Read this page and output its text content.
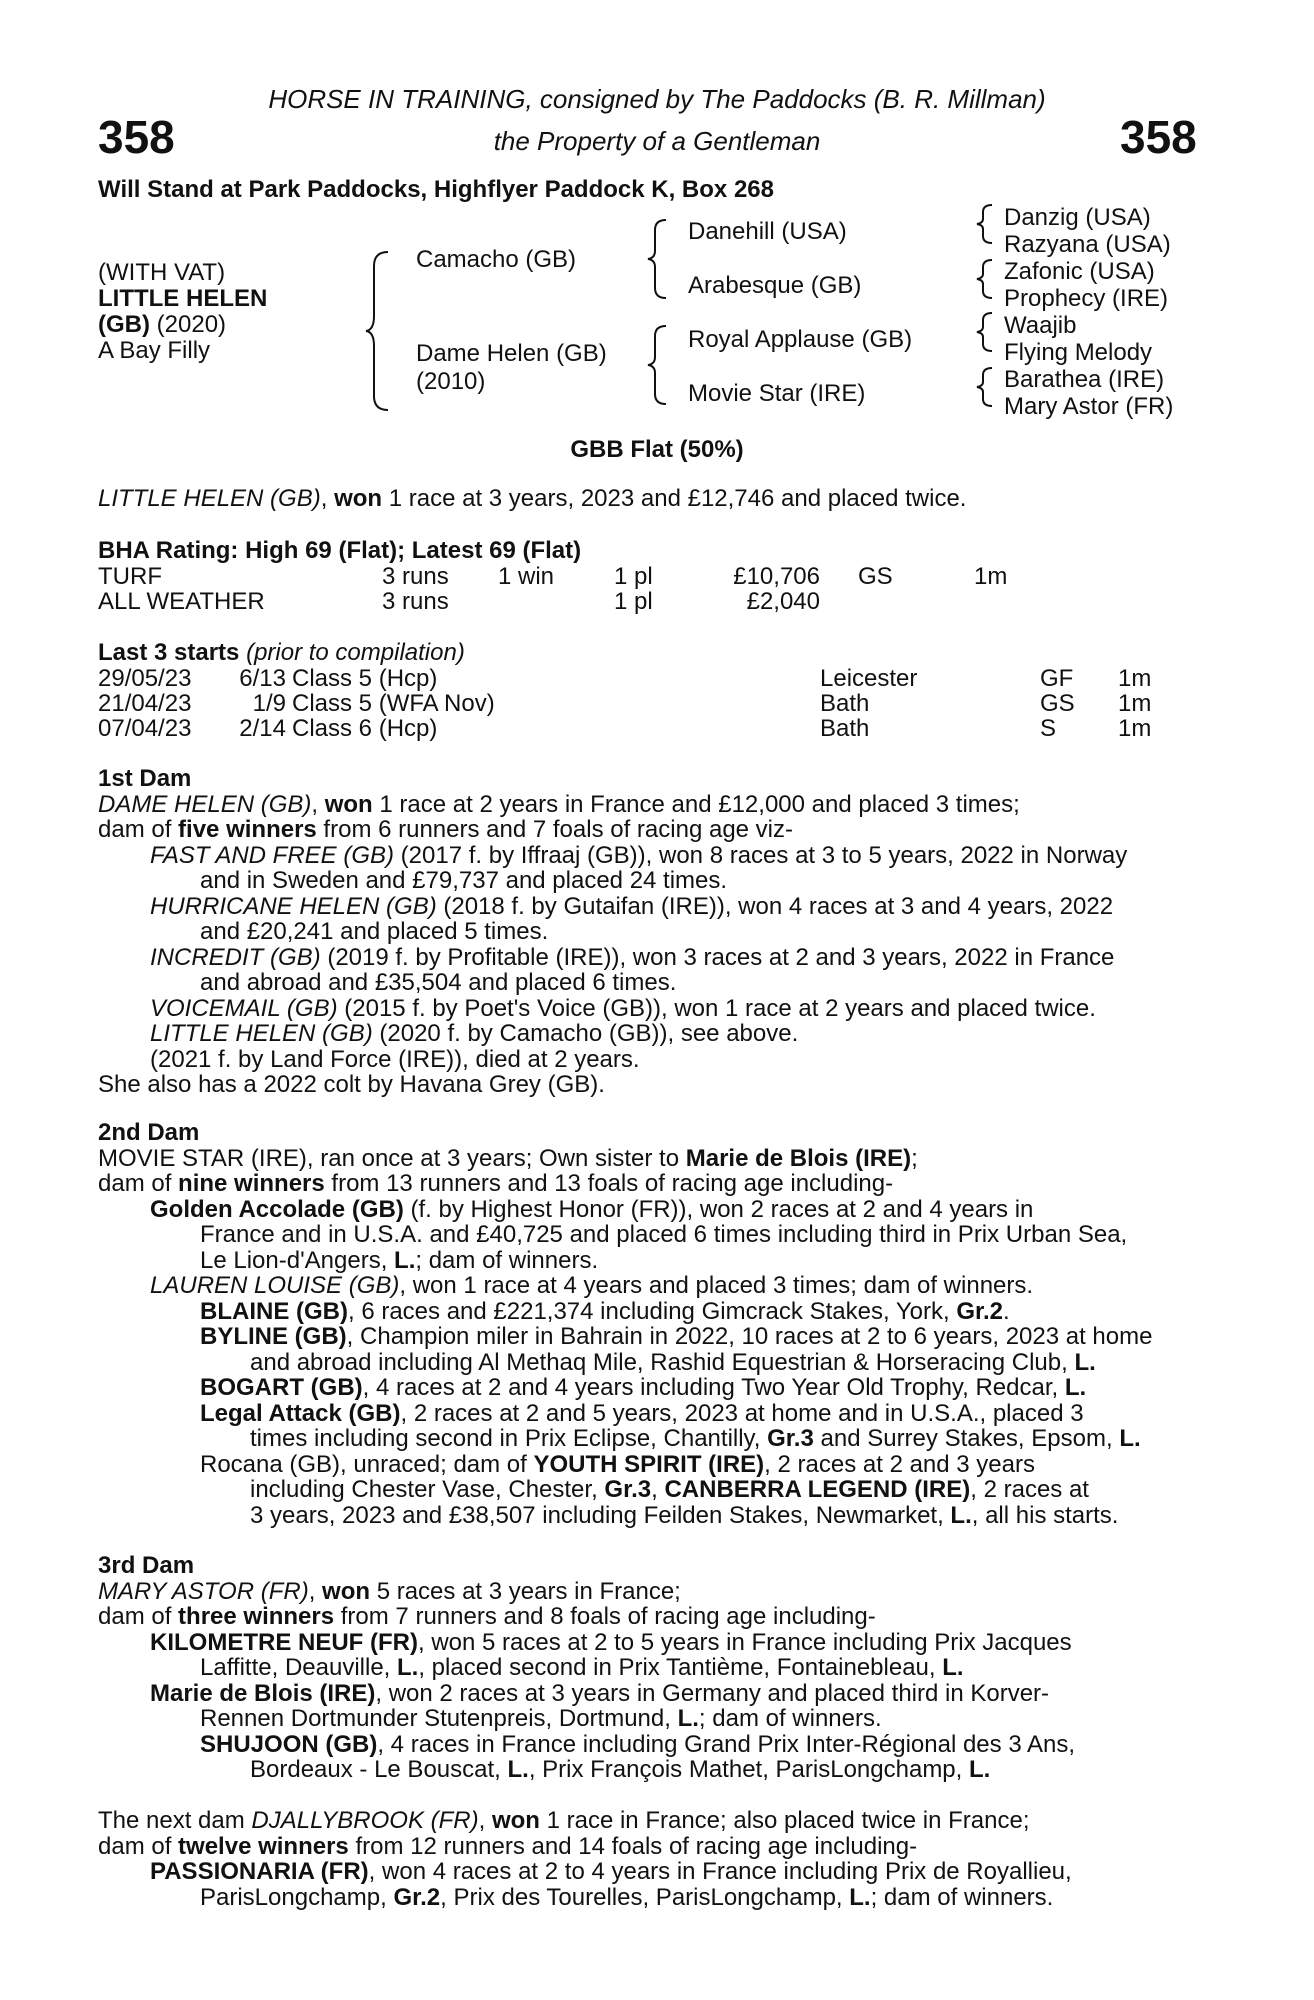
358	358
HORSE IN TRAINING, consigned by The Paddocks (B. R. Millman)
the Property of a Gentleman
Will Stand at Park Paddocks, Highflyer Paddock K, Box 268
(WITH VAT)
LITTLE HELEN
(GB) (2020)
A Bay Filly
Camacho (GB)
Dame Helen (GB)
(2010)
Danehill (USA)
Arabesque (GB)
Royal Applause (GB)
Movie Star (IRE)
Danzig (USA)
Razyana (USA)
Zafonic (USA)
Prophecy (IRE)
Waajib
Flying Melody
Barathea (IRE)
Mary Astor (FR)
GBB Flat (50%)
LITTLE HELEN (GB), won 1 race at 3 years, 2023 and £12,746 and placed twice.
BHA Rating: High 69 (Flat); Latest 69 (Flat)
TURF	3 runs 1 win 1 pl	£10,706 GS	1m
ALL WEATHER	3 runs	1 pl	£2,040
Last 3 starts (prior to compilation)
29/05/23	6/13 Class 5 (Hcp)	Leicester	GF 1m
21/04/23	1/9 Class 5 (WFA Nov)	Bath	GS 1m
07/04/23	2/14 Class 6 (Hcp)	Bath	S	1m
1st Dam
DAME HELEN (GB), won 1 race at 2 years in France and £12,000 and placed 3 times;
dam of five winners from 6 runners and 7 foals of racing age viz-
FAST AND FREE (GB) (2017 f. by Iffraaj (GB)), won 8 races at 3 to 5 years, 2022 in Norway
and in Sweden and £79,737 and placed 24 times.
HURRICANE HELEN (GB) (2018 f. by Gutaifan (IRE)), won 4 races at 3 and 4 years, 2022
and £20,241 and placed 5 times.
INCREDIT (GB) (2019 f. by Profitable (IRE)), won 3 races at 2 and 3 years, 2022 in France
and abroad and £35,504 and placed 6 times.
VOICEMAIL (GB) (2015 f. by Poet's Voice (GB)), won 1 race at 2 years and placed twice.
LITTLE HELEN (GB) (2020 f. by Camacho (GB)), see above.
(2021 f. by Land Force (IRE)), died at 2 years.
She also has a 2022 colt by Havana Grey (GB).
2nd Dam
MOVIE STAR (IRE), ran once at 3 years; Own sister to Marie de Blois (IRE);
dam of nine winners from 13 runners and 13 foals of racing age including-
Golden Accolade (GB) (f. by Highest Honor (FR)), won 2 races at 2 and 4 years in
France and in U.S.A. and £40,725 and placed 6 times including third in Prix Urban Sea,
Le Lion-d'Angers, L.; dam of winners.
LAUREN LOUISE (GB), won 1 race at 4 years and placed 3 times; dam of winners.
BLAINE (GB), 6 races and £221,374 including Gimcrack Stakes, York, Gr.2.
BYLINE (GB), Champion miler in Bahrain in 2022, 10 races at 2 to 6 years, 2023 at home
and abroad including Al Methaq Mile, Rashid Equestrian & Horseracing Club, L.
BOGART (GB), 4 races at 2 and 4 years including Two Year Old Trophy, Redcar, L.
Legal Attack (GB), 2 races at 2 and 5 years, 2023 at home and in U.S.A., placed 3
times including second in Prix Eclipse, Chantilly, Gr.3 and Surrey Stakes, Epsom, L.
Rocana (GB), unraced; dam of YOUTH SPIRIT (IRE), 2 races at 2 and 3 years
including Chester Vase, Chester, Gr.3, CANBERRA LEGEND (IRE), 2 races at
3 years, 2023 and £38,507 including Feilden Stakes, Newmarket, L., all his starts.
3rd Dam
MARY ASTOR (FR), won 5 races at 3 years in France;
dam of three winners from 7 runners and 8 foals of racing age including-
KILOMETRE NEUF (FR), won 5 races at 2 to 5 years in France including Prix Jacques
Laffitte, Deauville, L., placed second in Prix Tantième, Fontainebleau, L.
Marie de Blois (IRE), won 2 races at 3 years in Germany and placed third in Korver-
Rennen Dortmunder Stutenpreis, Dortmund, L.; dam of winners.
SHUJOON (GB), 4 races in France including Grand Prix Inter-Régional des 3 Ans,
Bordeaux - Le Bouscat, L., Prix François Mathet, ParisLongchamp, L.
The next dam DJALLYBROOK (FR), won 1 race in France; also placed twice in France;
dam of twelve winners from 12 runners and 14 foals of racing age including-
PASSIONARIA (FR), won 4 races at 2 to 4 years in France including Prix de Royallieu,
ParisLongchamp, Gr.2, Prix des Tourelles, ParisLongchamp, L.; dam of winners.
